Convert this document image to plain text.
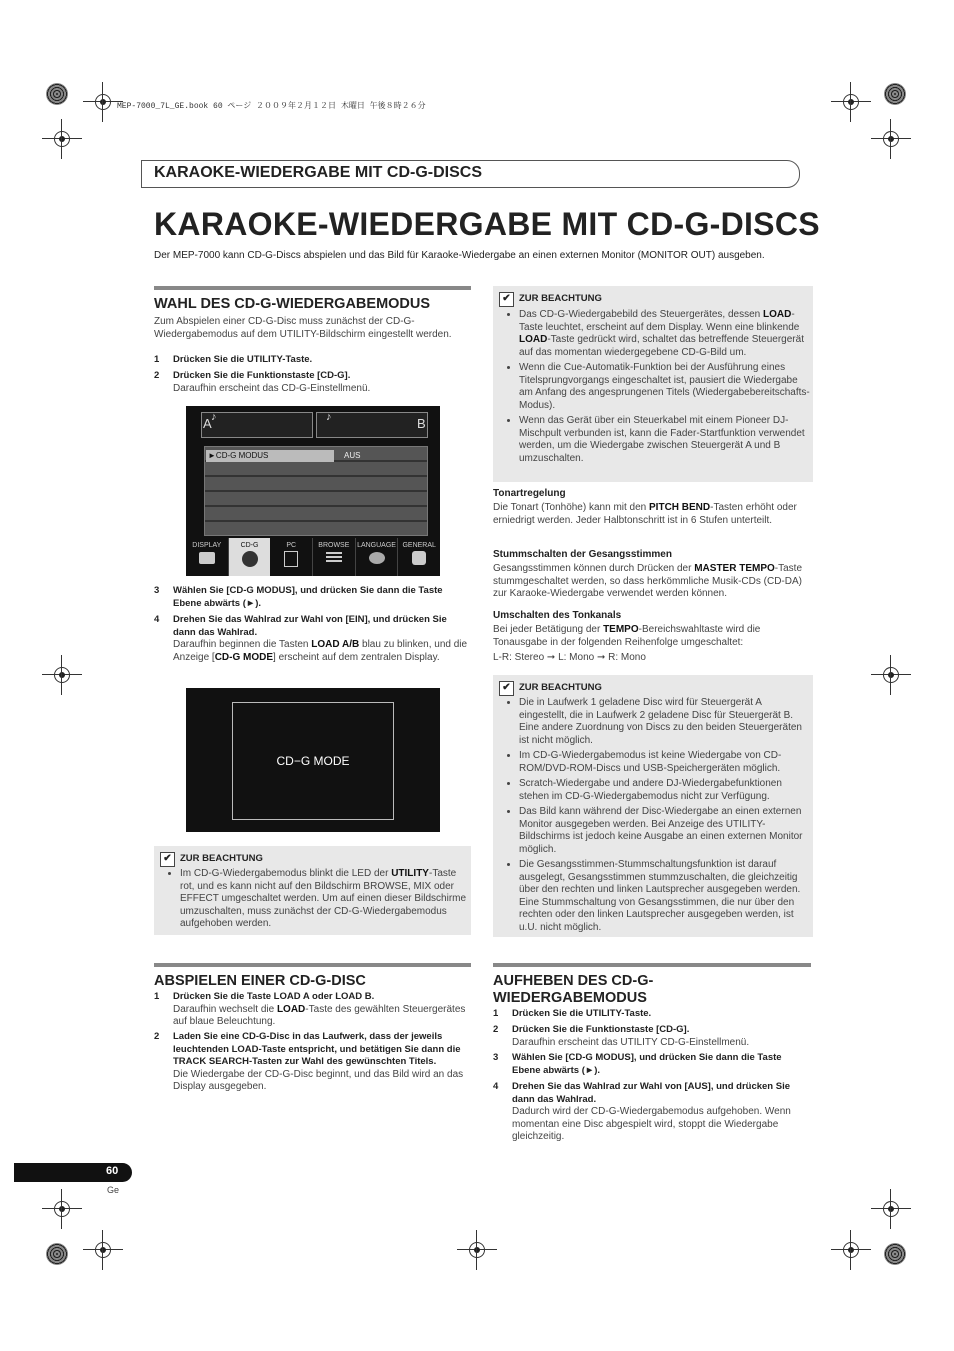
MEP-7000_7L_GE.book 60 ページ ２００９年２月１２日 木曜日 午後８時２６分
KARAOKE-WIEDERGABE MIT CD-G-DISCS
KARAOKE-WIEDERGABE MIT CD-G-DISCS
Der MEP-7000 kann CD-G-Discs abspielen und das Bild für Karaoke-Wiedergabe an einen externen Monitor (MONITOR OUT) ausgeben.
WAHL DES CD-G-WIEDERGABEMODUS
Zum Abspielen einer CD-G-Disc muss zunächst der CD-G-Wiedergabemodus auf dem UTILITY-Bildschirm eingestellt werden.
1 Drücken Sie die UTILITY-Taste.
2 Drücken Sie die Funktionstaste [CD-G].
Daraufhin erscheint das CD-G-Einstellmenü.
A ♪	♪	B
►CD-G MODUS	AUS
DISPLAY	CD-G	PC	BROWSE	LANGUAGE GENERAL
3 Wählen Sie [CD-G MODUS], und drücken Sie dann die Taste Ebene abwärts (►).
4 Drehen Sie das Wahlrad zur Wahl von [EIN], und drücken Sie dann das Wahlrad.
Daraufhin beginnen die Tasten LOAD A/B blau zu blinken, und die Anzeige [CD-G MODE] erscheint auf dem zentralen Display.
CD−G MODE
✔ ZUR BEACHTUNG
• Im CD-G-Wiedergabemodus blinkt die LED der UTILITY-Taste rot, und es kann nicht auf den Bildschirm BROWSE, MIX oder EFFECT umgeschaltet werden. Um auf einen dieser Bildschirme umzuschalten, muss zunächst der CD-G-Wiedergabemodus aufgehoben werden.
ABSPIELEN EINER CD-G-DISC
1 Drücken Sie die Taste LOAD A oder LOAD B.
Daraufhin wechselt die LOAD-Taste des gewählten Steuergerätes auf blaue Beleuchtung.
2 Laden Sie eine CD-G-Disc in das Laufwerk, dass der jeweils leuchtenden LOAD-Taste entspricht, und betätigen Sie dann die TRACK SEARCH-Tasten zur Wahl des gewünschten Titels.
Die Wiedergabe der CD-G-Disc beginnt, und das Bild wird an das Display ausgegeben.
✔ ZUR BEACHTUNG
• Das CD-G-Wiedergabebild des Steuergerätes, dessen LOAD-Taste leuchtet, erscheint auf dem Display. Wenn eine blinkende LOAD-Taste gedrückt wird, schaltet das betreffende Steuergerät auf das momentan wiedergegebene CD-G-Bild um.
• Wenn die Cue-Automatik-Funktion bei der Ausführung eines Titelsprungvorgangs eingeschaltet ist, pausiert die Wiedergabe am Anfang des angesprungenen Titels (Wiedergabebereitschafts-Modus).
• Wenn das Gerät über ein Steuerkabel mit einem Pioneer DJ-Mischpult verbunden ist, kann die Fader-Startfunktion verwendet werden, um die Wiedergabe zwischen Steuergerät A und B umzuschalten.
Tonartregelung
Die Tonart (Tonhöhe) kann mit den PITCH BEND-Tasten erhöht oder erniedrigt werden. Jeder Halbtonschritt ist in 6 Stufen unterteilt.
Stummschalten der Gesangsstimmen
Gesangsstimmen können durch Drücken der MASTER TEMPO-Taste stummgeschaltet werden, so dass herkömmliche Musik-CDs (CD-DA) zur Karaoke-Wiedergabe verwendet werden können.
Umschalten des Tonkanals
Bei jeder Betätigung der TEMPO-Bereichswahltaste wird die Tonausgabe in der folgenden Reihenfolge umgeschaltet:
L-R: Stereo ➞ L: Mono ➞ R: Mono
✔ ZUR BEACHTUNG
• Die in Laufwerk 1 geladene Disc wird für Steuergerät A eingestellt, die in Laufwerk 2 geladene Disc für Steuergerät B. Eine andere Zuordnung von Discs zu den beiden Steuergeräten ist nicht möglich.
• Im CD-G-Wiedergabemodus ist keine Wiedergabe von CD-ROM/DVD-ROM-Discs und USB-Speichergeräten möglich.
• Scratch-Wiedergabe und andere DJ-Wiedergabefunktionen stehen im CD-G-Wiedergabemodus nicht zur Verfügung.
• Das Bild kann während der Disc-Wiedergabe an einen externen Monitor ausgegeben werden. Bei Anzeige des UTILITY-Bildschirms ist jedoch keine Ausgabe an einen externen Monitor möglich.
• Die Gesangsstimmen-Stummschaltungsfunktion ist darauf ausgelegt, Gesangsstimmen stummzuschalten, die gleichzeitig über den rechten und linken Lautsprecher ausgegeben werden. Eine Stummschaltung von Gesangsstimmen, die nur über den rechten oder den linken Lautsprecher ausgegeben werden, ist u.U. nicht möglich.
AUFHEBEN DES CD-G-WIEDERGABEMODUS
1 Drücken Sie die UTILITY-Taste.
2 Drücken Sie die Funktionstaste [CD-G].
Daraufhin erscheint das UTILITY CD-G-Einstellmenü.
3 Wählen Sie [CD-G MODUS], und drücken Sie dann die Taste Ebene abwärts (►).
4 Drehen Sie das Wahlrad zur Wahl von [AUS], und drücken Sie dann das Wahlrad.
Dadurch wird der CD-G-Wiedergabemodus aufgehoben. Wenn momentan eine Disc abgespielt wird, stoppt die Wiedergabe gleichzeitig.
60
Ge
